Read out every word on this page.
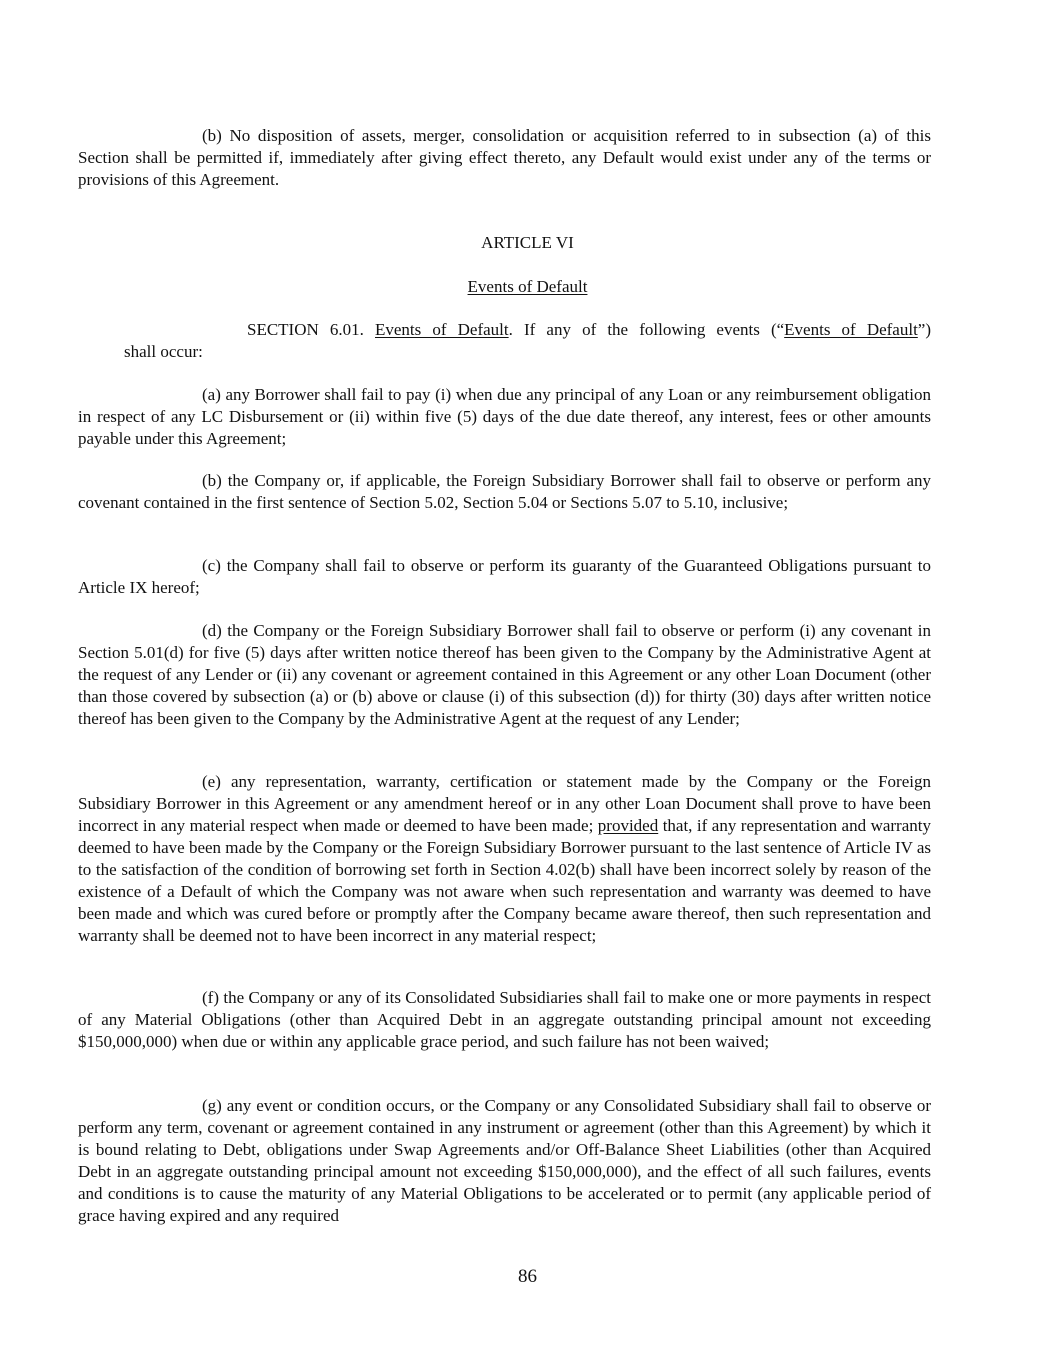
(b) No disposition of assets, merger, consolidation or acquisition referred to in subsection (a) of this Section shall be permitted if, immediately after giving effect thereto, any Default would exist under any of the terms or provisions of this Agreement.

ARTICLE VI

Events of Default

SECTION 6.01. Events of Default. If any of the following events (“Events of Default”)

shall occur:

(a) any Borrower shall fail to pay (i) when due any principal of any Loan or any reimbursement obligation in respect of any LC Disbursement or (ii) within five (5) days of the due date thereof, any interest, fees or other amounts payable under this Agreement;

(b) the Company or, if applicable, the Foreign Subsidiary Borrower shall fail to observe or perform any covenant contained in the first sentence of Section 5.02, Section 5.04 or Sections 5.07 to 5.10, inclusive;

(c) the Company shall fail to observe or perform its guaranty of the Guaranteed Obligations pursuant to Article IX hereof;

(d) the Company or the Foreign Subsidiary Borrower shall fail to observe or perform (i) any covenant in Section 5.01(d) for five (5) days after written notice thereof has been given to the Company by the Administrative Agent at the request of any Lender or (ii) any covenant or agreement contained in this Agreement or any other Loan Document (other than those covered by subsection (a) or (b) above or clause (i) of this subsection (d)) for thirty (30) days after written notice thereof has been given to the Company by the Administrative Agent at the request of any Lender;

(e) any representation, warranty, certification or statement made by the Company or the Foreign Subsidiary Borrower in this Agreement or any amendment hereof or in any other Loan Document shall prove to have been incorrect in any material respect when made or deemed to have been made; provided that, if any representation and warranty deemed to have been made by the Company or the Foreign Subsidiary Borrower pursuant to the last sentence of Article IV as to the satisfaction of the condition of borrowing set forth in Section 4.02(b) shall have been incorrect solely by reason of the existence of a Default of which the Company was not aware when such representation and warranty was deemed to have been made and which was cured before or promptly after the Company became aware thereof, then such representation and warranty shall be deemed not to have been incorrect in any material respect;

(f) the Company or any of its Consolidated Subsidiaries shall fail to make one or more payments in respect of any Material Obligations (other than Acquired Debt in an aggregate outstanding principal amount not exceeding $150,000,000) when due or within any applicable grace period, and such failure has not been waived;

(g) any event or condition occurs, or the Company or any Consolidated Subsidiary shall fail to observe or perform any term, covenant or agreement contained in any instrument or agreement (other than this Agreement) by which it is bound relating to Debt, obligations under Swap Agreements and/or Off-Balance Sheet Liabilities (other than Acquired Debt in an aggregate outstanding principal amount not exceeding $150,000,000), and the effect of all such failures, events and conditions is to cause the maturity of any Material Obligations to be accelerated or to permit (any applicable period of grace having expired and any required

86
